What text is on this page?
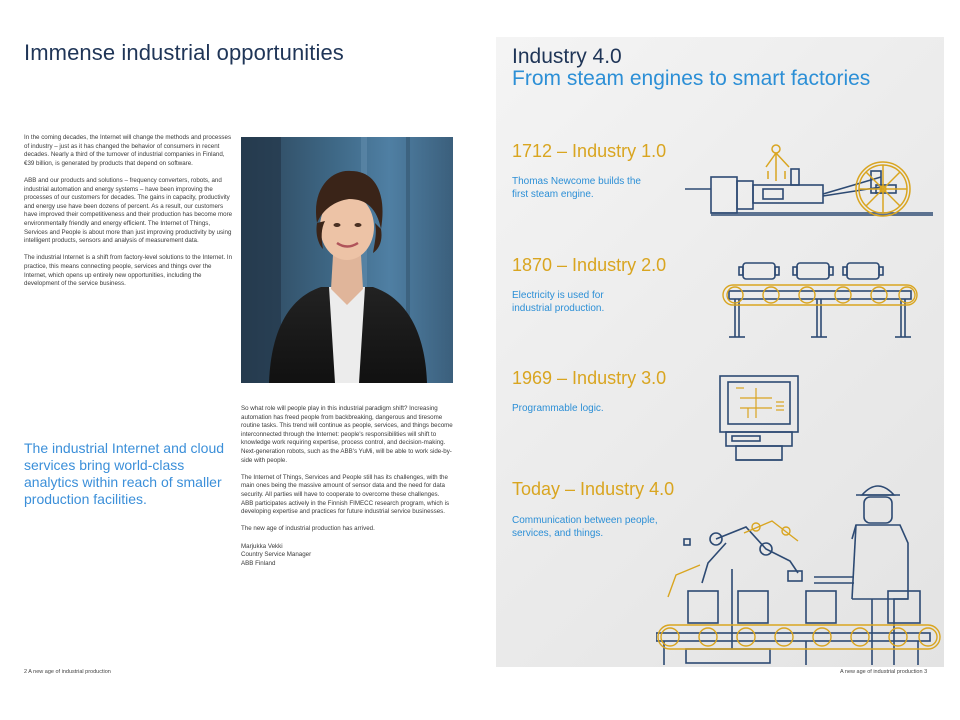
Immense industrial opportunities

In the coming decades, the Internet will change the methods and processes of industry – just as it has changed the behavior of consumers in recent decades. Nearly a third of the turnover of industrial companies in Finland, €39 billion, is generated by products that depend on software.

ABB and our products and solutions – frequency converters, robots, and industrial automation and energy systems – have been improving the processes of our customers for decades. The gains in capacity, productivity and energy use have been dozens of percent. As a result, our customers have improved their competitiveness and their production has become more environmentally friendly and energy efficient. The Internet of Things, Services and People is about more than just improving productivity by using intelligent products, sensors and analysis of measurement data.

The industrial Internet is a shift from factory-level solutions to the Internet. In practice, this means connecting people, services and things over the Internet, which opens up entirely new opportunities, including the development of the service business.

The industrial Internet and cloud services bring world-class analytics within reach of smaller production facilities.

So what role will people play in this industrial paradigm shift? Increasing automation has freed people from backbreaking, dangerous and tiresome routine tasks. This trend will continue as people, services, and things become interconnected through the Internet: people's responsibilities will shift to knowledge work requiring expertise, process control, and decision-making. Next-generation robots, such as the ABB's YuMi, will be able to work side-by-side with people.

The Internet of Things, Services and People still has its challenges, with the main ones being the massive amount of sensor data and the need for data security. All parties will have to cooperate to overcome these challenges. ABB participates actively in the Finnish FIMECC research program, which is developing expertise and practices for future industrial service businesses.

The new age of industrial production has arrived.

Marjukka Vekki
Country Service Manager
ABB Finland
2 A new age of industrial production
Industry 4.0
From steam engines to smart factories
1712 – Industry 1.0
Thomas Newcome builds the
first steam engine.
1870 – Industry 2.0
Electricity is used for
industrial production.
1969 – Industry 3.0
Programmable logic.
Today – Industry 4.0
Communication between people,
services, and things.
A new age of industrial production 3
